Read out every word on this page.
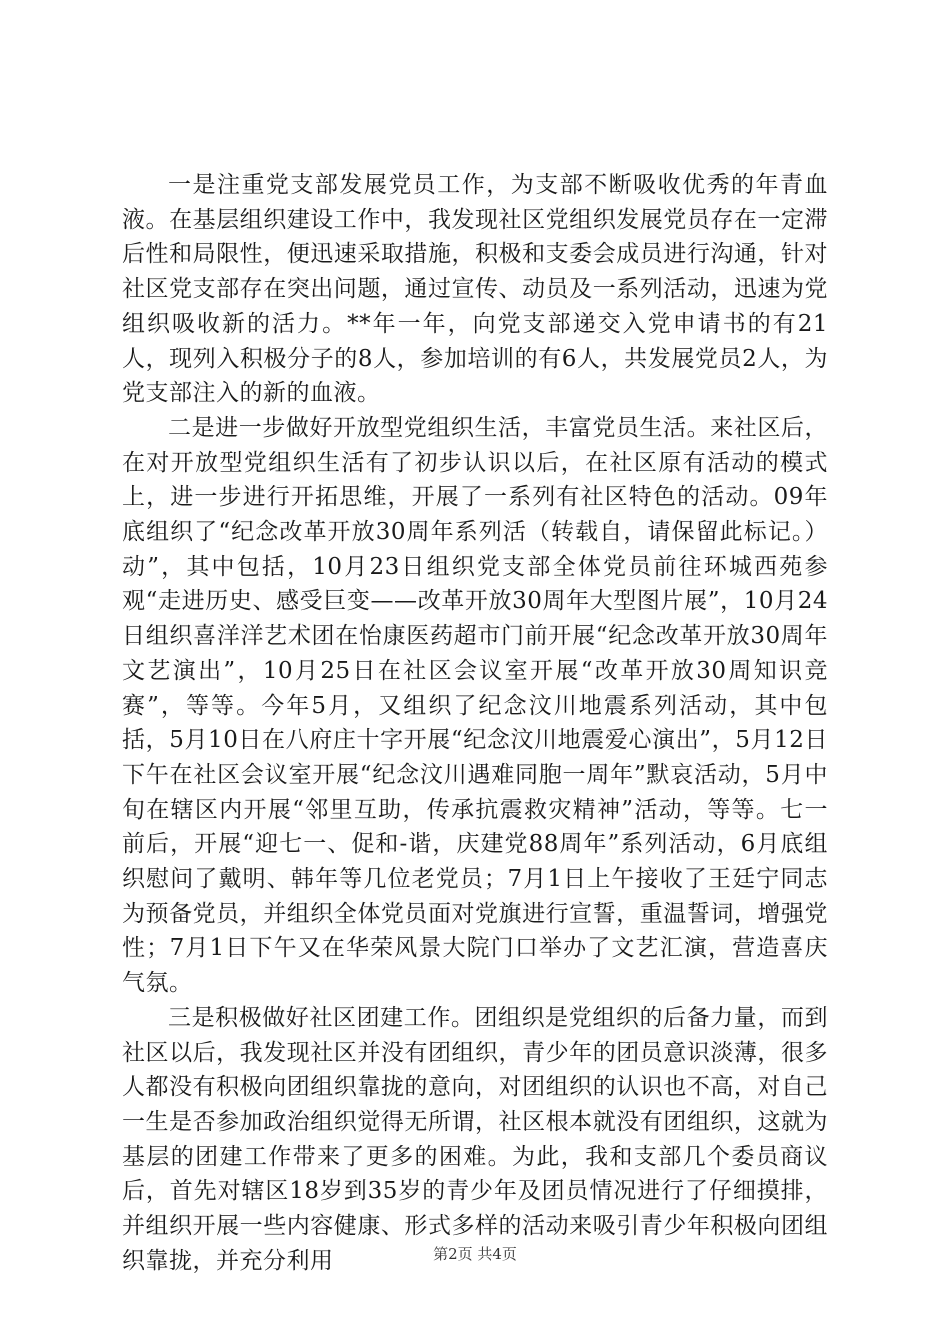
一是注重党支部发展党员工作，为支部不断吸收优秀的年青血液。在基层组织建设工作中，我发现社区党组织发展党员存在一定滞后性和局限性，便迅速采取措施，积极和支委会成员进行沟通，针对社区党支部存在突出问题，通过宣传、动员及一系列活动，迅速为党组织吸收新的活力。**年一年，向党支部递交入党申请书的有21人，现列入积极分子的8人，参加培训的有6人，共发展党员2人，为党支部注入的新的血液。

二是进一步做好开放型党组织生活，丰富党员生活。来社区后，在对开放型党组织生活有了初步认识以后，在社区原有活动的模式上，进一步进行开拓思维，开展了一系列有社区特色的活动。09年底组织了“纪念改革开放30周年系列活（转载自，请保留此标记。）动”，其中包括，10月23日组织党支部全体党员前往环城西苑参观“走进历史、感受巨变——改革开放30周年大型图片展”，10月24日组织喜洋洋艺术团在怡康医药超市门前开展“纪念改革开放30周年文艺演出”，10月25日在社区会议室开展“改革开放30周知识竞赛”，等等。今年5月，又组织了纪念汶川地震系列活动，其中包括，5月10日在八府庄十字开展“纪念汶川地震爱心演出”，5月12日下午在社区会议室开展“纪念汶川遇难同胞一周年”默哀活动，5月中旬在辖区内开展“邻里互助，传承抗震救灾精神”活动，等等。七一前后，开展“迎七一、促和-谐，庆建党88周年”系列活动，6月底组织慰问了戴明、韩年等几位老党员；7月1日上午接收了王廷宁同志为预备党员，并组织全体党员面对党旗进行宣誓，重温誓词，增强党性；7月1日下午又在华荣风景大院门口举办了文艺汇演，营造喜庆气氛。

三是积极做好社区团建工作。团组织是党组织的后备力量，而到社区以后，我发现社区并没有团组织，青少年的团员意识淡薄，很多人都没有积极向团组织靠拢的意向，对团组织的认识也不高，对自己一生是否参加政治组织觉得无所谓，社区根本就没有团组织，这就为基层的团建工作带来了更多的困难。为此，我和支部几个委员商议后，首先对辖区18岁到35岁的青少年及团员情况进行了仔细摸排，并组织开展一些内容健康、形式多样的活动来吸引青少年积极向团组织靠拢，并充分利用	第2页 共4页
